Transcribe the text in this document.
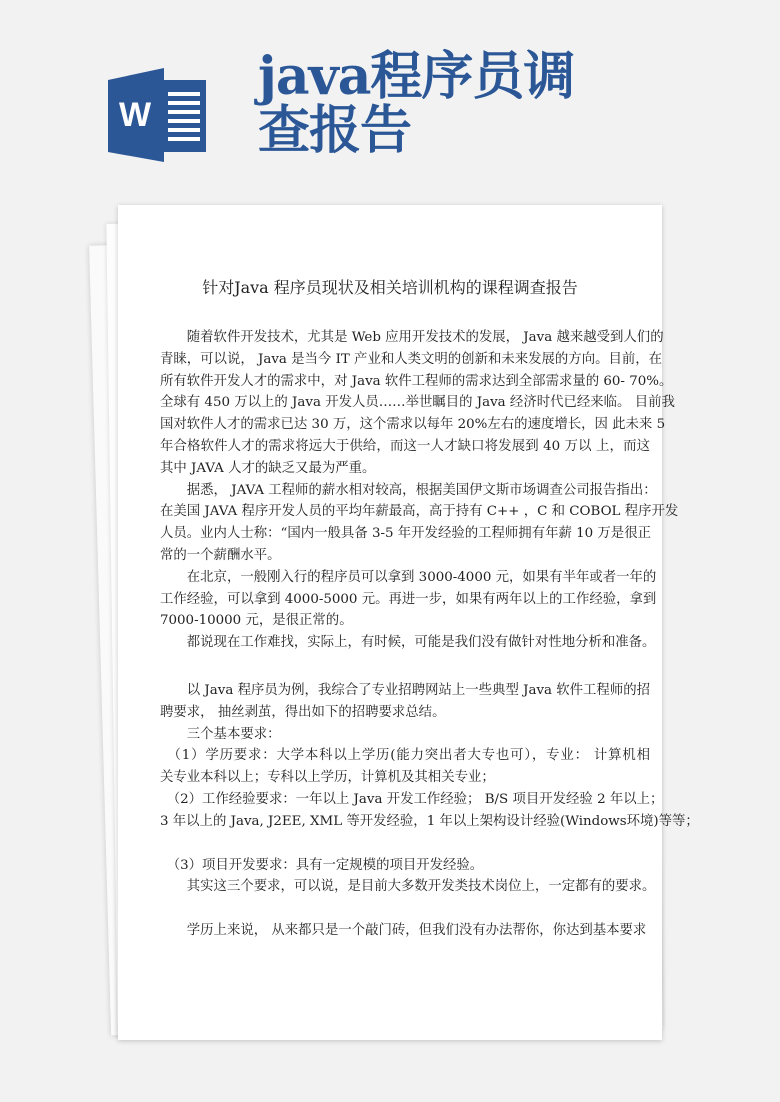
W
java程序员调
查报告
针对Java 程序员现状及相关培训机构的课程调查报告
　　随着软件开发技术，尤其是 Web 应用开发技术的发展， Java 越来越受到人们的
青睐，可以说， Java 是当今 IT 产业和人类文明的创新和未来发展的方向。目前，在
所有软件开发人才的需求中，对 Java 软件工程师的需求达到全部需求量的 60- 70%。
全球有 450 万以上的 Java 开发人员……举世瞩目的 Java 经济时代已经来临。 目前我
国对软件人才的需求已达 30 万，这个需求以每年 20%左右的速度增长，因 此未来 5
年合格软件人才的需求将远大于供给，而这一人才缺口将发展到 40 万以 上，而这
其中 JAVA 人才的缺乏又最为严重。
　　据悉， JAVA 工程师的薪水相对较高，根据美国伊文斯市场调查公司报告指出：
在美国 JAVA 程序开发人员的平均年薪最高，高于持有 C++ ，C 和 COBOL 程序开发
人员。业内人士称：“国内一般具备 3-5 年开发经验的工程师拥有年薪 10 万是很正
常的一个薪酬水平。
　　在北京，一般刚入行的程序员可以拿到 3000-4000 元，如果有半年或者一年的
工作经验，可以拿到 4000-5000 元。再进一步，如果有两年以上的工作经验，拿到
7000-10000 元，是很正常的。
　　都说现在工作难找，实际上，有时候，可能是我们没有做针对性地分析和准备。
　　以 Java 程序员为例，我综合了专业招聘网站上一些典型 Java 软件工程师的招
聘要求， 抽丝剥茧，得出如下的招聘要求总结。
　　三个基本要求：
　（1）学历要求：大学本科以上学历(能力突出者大专也可），专业： 计算机相
关专业本科以上；专科以上学历，计算机及其相关专业；
　（2）工作经验要求：一年以上 Java 开发工作经验； B/S 项目开发经验 2 年以上；
3 年以上的 Java, J2EE, XML 等开发经验，1 年以上架构设计经验(Windows环境)等等；
　（3）项目开发要求：具有一定规模的项目开发经验。
　　其实这三个要求，可以说，是目前大多数开发类技术岗位上，一定都有的要求。
　　学历上来说， 从来都只是一个敲门砖，但我们没有办法帮你，你达到基本要求
